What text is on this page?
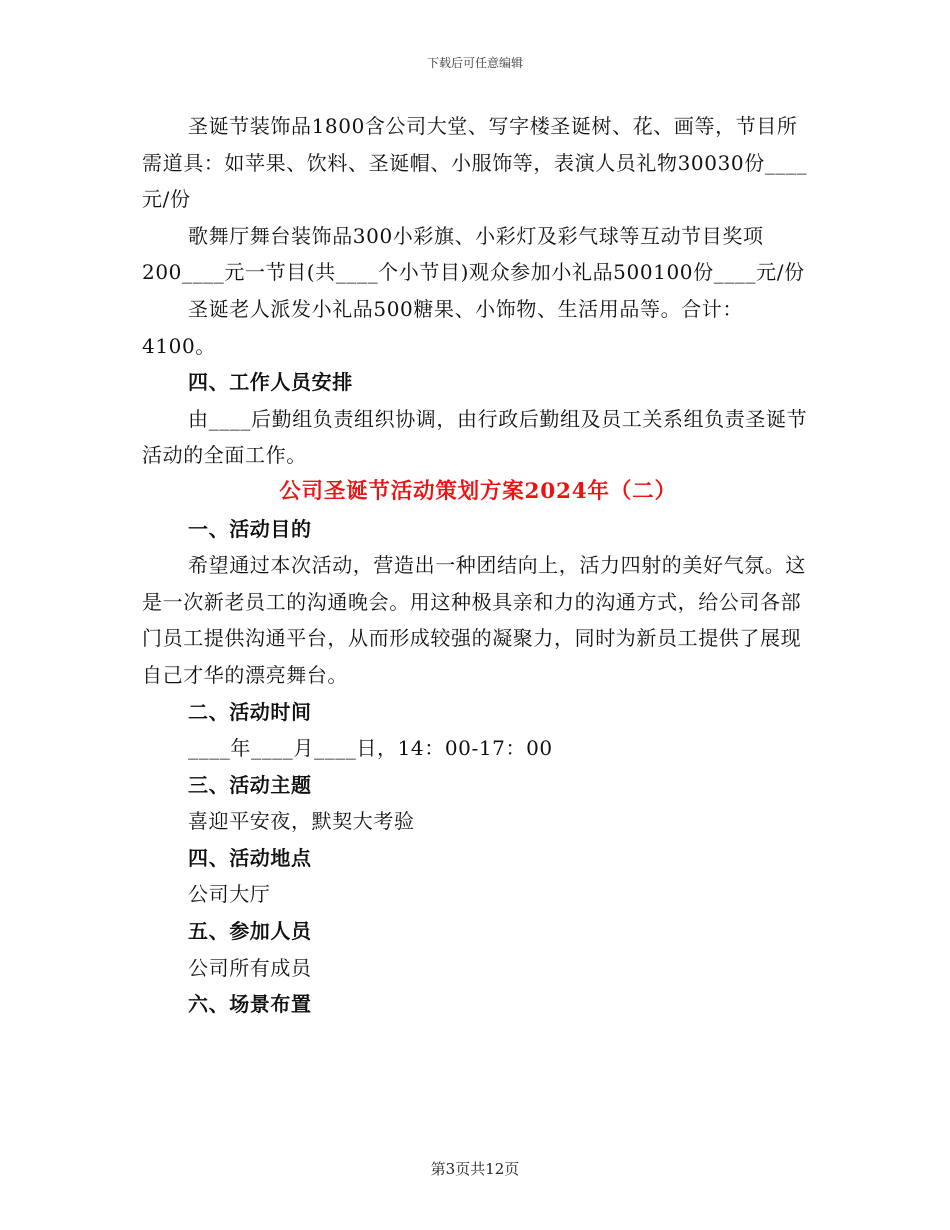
下载后可任意编辑

圣诞节装饰品1800含公司大堂、写字楼圣诞树、花、画等，节目所需道具：如苹果、饮料、圣诞帽、小服饰等，表演人员礼物30030份____元/份

歌舞厅舞台装饰品300小彩旗、小彩灯及彩气球等互动节目奖项200____元一节目(共____个小节目)观众参加小礼品500100份____元/份

圣诞老人派发小礼品500糖果、小饰物、生活用品等。合计：4100。

四、工作人员安排

由____后勤组负责组织协调，由行政后勤组及员工关系组负责圣诞节活动的全面工作。

公司圣诞节活动策划方案2024年（二）

一、活动目的

希望通过本次活动，营造出一种团结向上，活力四射的美好气氛。这是一次新老员工的沟通晚会。用这种极具亲和力的沟通方式，给公司各部门员工提供沟通平台，从而形成较强的凝聚力，同时为新员工提供了展现自己才华的漂亮舞台。

二、活动时间

____年____月____日，14：00-17：00

三、活动主题

喜迎平安夜，默契大考验

四、活动地点

公司大厅

五、参加人员

公司所有成员

六、场景布置

第3页共12页
